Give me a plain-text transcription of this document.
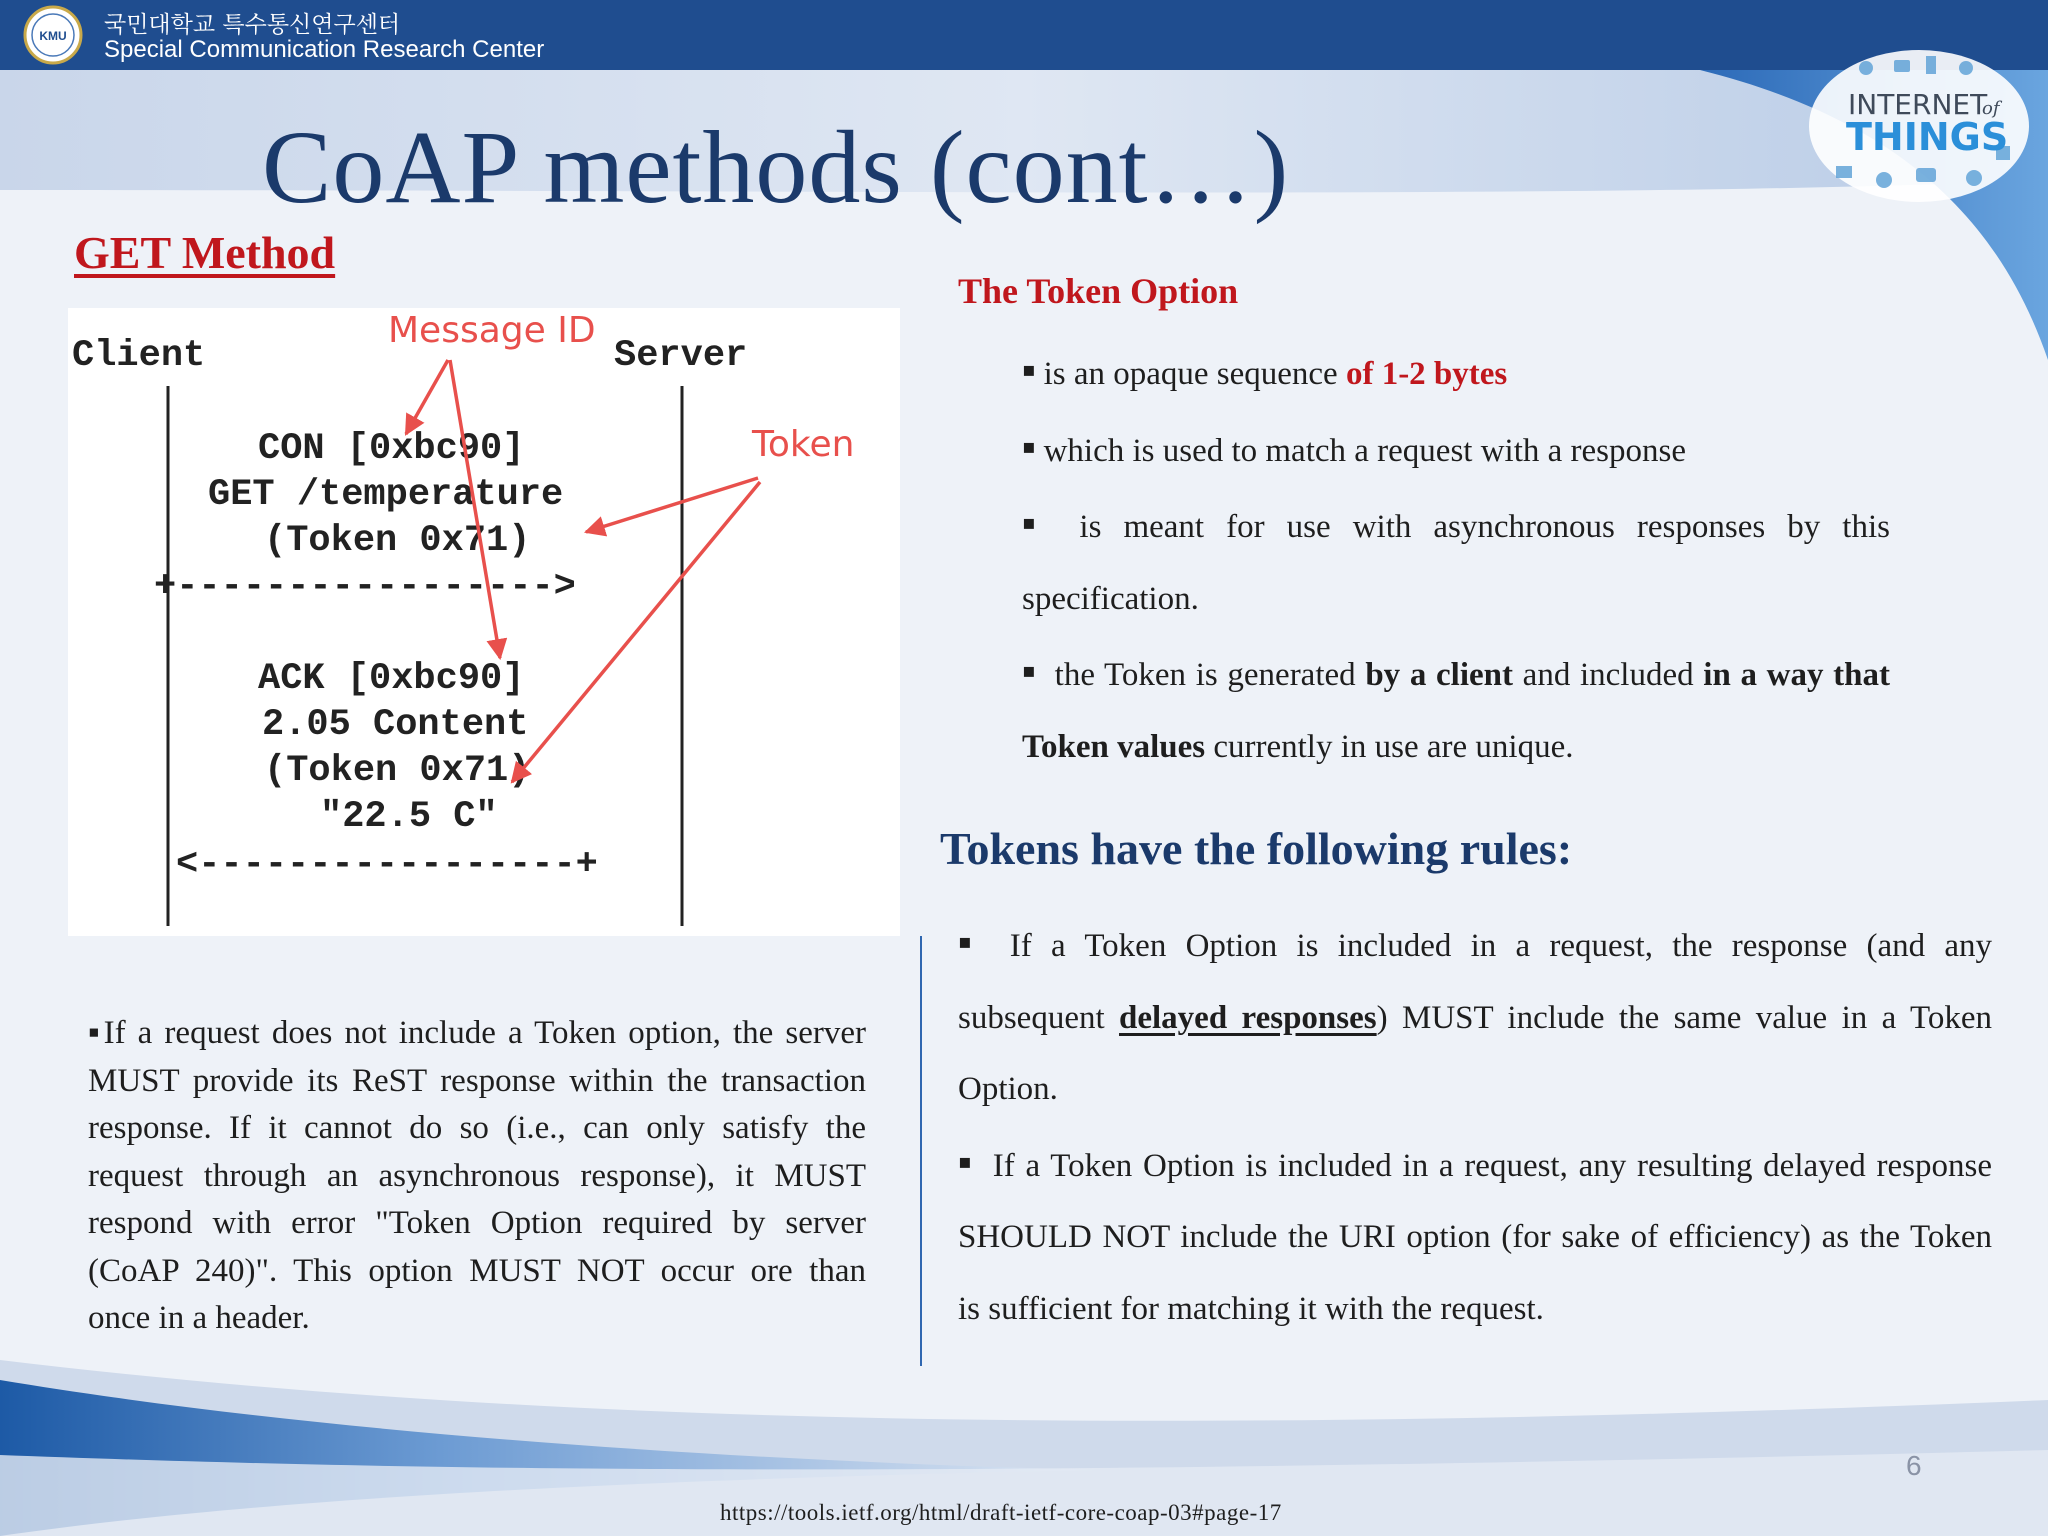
KMU 국민대학교 특수통신연구센터
Special Communication Research Center
INTERNET
of
THINGS
CoAP methods (cont…)
GET Method
Client	Server
Message ID
Token
CON [0xbc90]
GET /temperature
(Token 0x71)
+----------------->
ACK [0xbc90]
2.05 Content
(Token 0x71)
"22.5 C"
<-----------------+
▪If a request does not include a Token option, the server MUST provide its ReST response within the transaction response. If it cannot do so (i.e., can only satisfy the request through an asynchronous response), it MUST respond with error "Token Option required by server (CoAP 240)". This option MUST NOT occur ore than once in a header.
The Token Option

▪ is an opaque sequence of 1-2 bytes

▪ which is used to match a request with a response

▪ is meant for use with asynchronous responses by this specification.

▪ the Token is generated by a client and included in a way that Token values currently in use are unique.

Tokens have the following rules:

▪ If a Token Option is included in a request, the response (and any subsequent delayed responses) MUST include the same value in a Token Option.

▪ If a Token Option is included in a request, any resulting delayed response SHOULD NOT include the URI option (for sake of efficiency) as the Token is sufficient for matching it with the request.

6
https://tools.ietf.org/html/draft-ietf-core-coap-03#page-17
